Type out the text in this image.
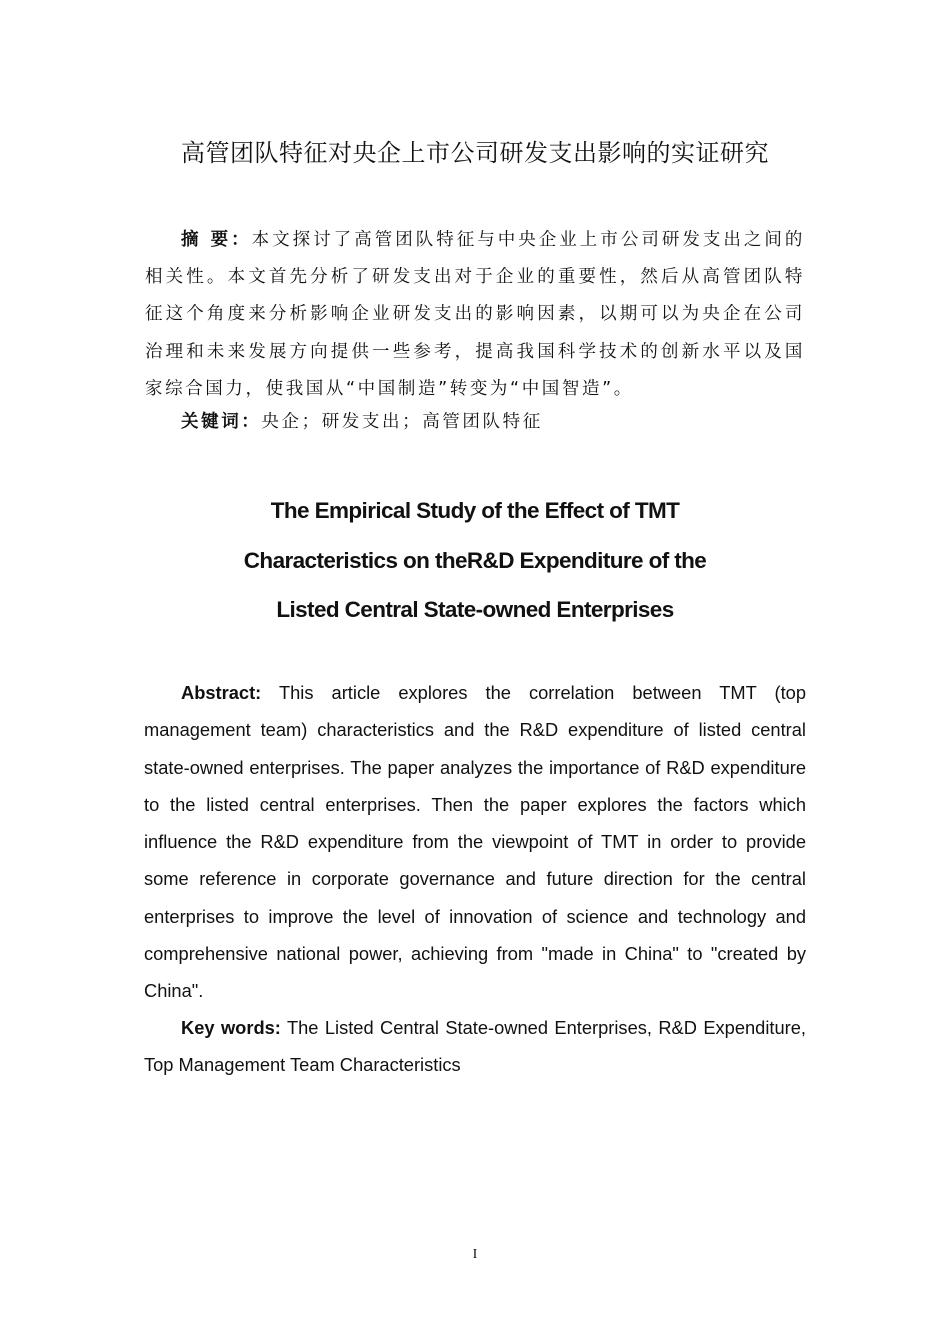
高管团队特征对央企上市公司研发支出影响的实证研究

摘 要：本文探讨了高管团队特征与中央企业上市公司研发支出之间的相关性。本文首先分析了研发支出对于企业的重要性，然后从高管团队特征这个角度来分析影响企业研发支出的影响因素，以期可以为央企在公司治理和未来发展方向提供一些参考，提高我国科学技术的创新水平以及国家综合国力，使我国从“中国制造”转变为“中国智造”。

关键词：央企；研发支出；高管团队特征

The Empirical Study of the Effect of TMT
Characteristics on theR&D Expenditure of the
Listed Central State-owned Enterprises

Abstract: This article explores the correlation between TMT (top management team) characteristics and the R&D expenditure of listed central state-owned enterprises. The paper analyzes the importance of R&D expenditure to the listed central enterprises. Then the paper explores the factors which influence the R&D expenditure from the viewpoint of TMT in order to provide some reference in corporate governance and future direction for the central enterprises to improve the level of innovation of science and technology and comprehensive national power, achieving from "made in China" to "created by China".

Key words: The Listed Central State-owned Enterprises, R&D Expenditure, Top Management Team Characteristics

I
